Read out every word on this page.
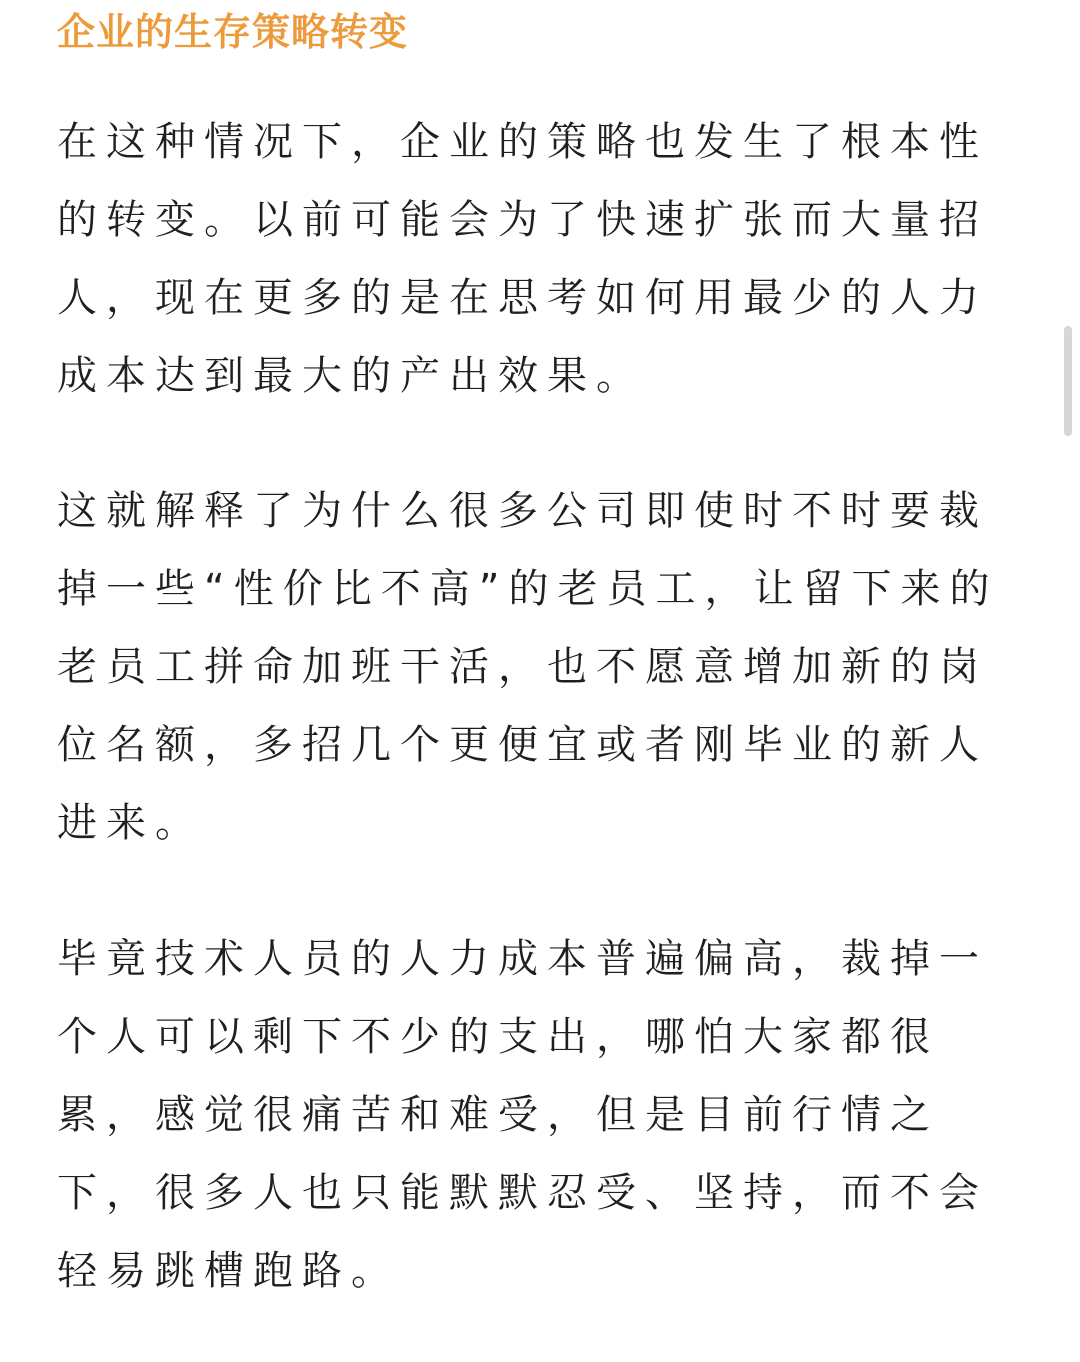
企业的生存策略转变

在这种情况下，企业的策略也发生了根本性
的转变。以前可能会为了快速扩张而大量招
人，现在更多的是在思考如何用最少的人力
成本达到最大的产出效果。

这就解释了为什么很多公司即使时不时要裁
掉一些“性价比不高”的老员工，让留下来的
老员工拼命加班干活，也不愿意增加新的岗
位名额，多招几个更便宜或者刚毕业的新人
进来。

毕竟技术人员的人力成本普遍偏高，裁掉一
个人可以剩下不少的支出，哪怕大家都很
累，感觉很痛苦和难受，但是目前行情之
下，很多人也只能默默忍受、坚持，而不会
轻易跳槽跑路。
